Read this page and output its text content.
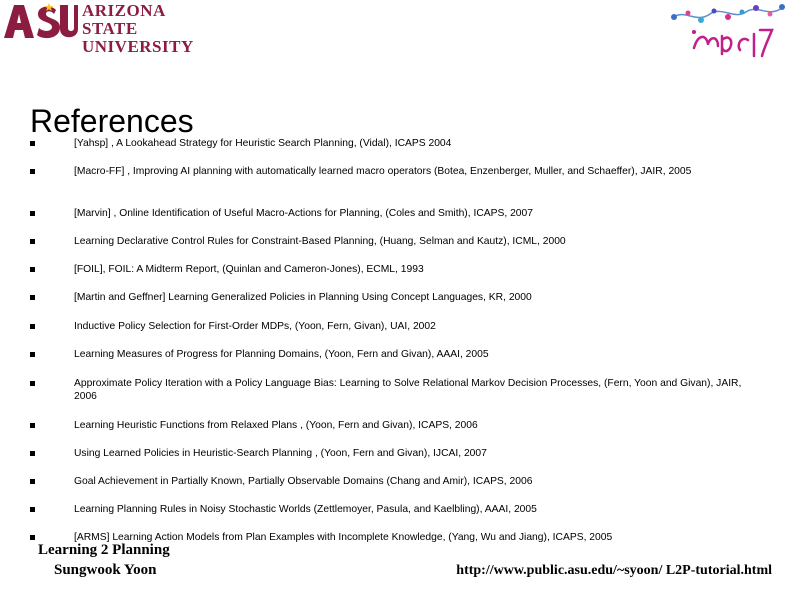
ARIZONA STATE
UNIVERSITY
References
[Yahsp] , A Lookahead Strategy for Heuristic Search Planning, (Vidal), ICAPS 2004
[Macro-FF] , Improving AI planning with automatically learned macro operators (Botea, Enzenberger, Muller, and Schaeffer), JAIR, 2005
[Marvin] , Online Identification of Useful Macro-Actions for Planning, (Coles and Smith), ICAPS, 2007
Learning Declarative Control Rules for Constraint-Based Planning, (Huang, Selman and Kautz), ICML, 2000
[FOIL], FOIL: A Midterm Report, (Quinlan and Cameron-Jones), ECML, 1993
[Martin and Geffner] Learning Generalized Policies in Planning Using Concept Languages, KR, 2000
Inductive Policy Selection for First-Order MDPs, (Yoon, Fern, Givan), UAI, 2002
Learning Measures of Progress for Planning Domains, (Yoon, Fern and Givan), AAAI, 2005
Approximate Policy Iteration with a Policy Language Bias: Learning to Solve Relational Markov Decision Processes, (Fern, Yoon and Givan), JAIR, 2006
Learning Heuristic Functions from Relaxed Plans , (Yoon, Fern and Givan), ICAPS, 2006
Using Learned Policies in Heuristic-Search Planning , (Yoon, Fern and Givan), IJCAI, 2007
Goal Achievement in Partially Known, Partially Observable Domains (Chang and Amir), ICAPS, 2006
Learning Planning Rules in Noisy Stochastic Worlds (Zettlemoyer, Pasula, and Kaelbling), AAAI, 2005
[ARMS] Learning Action Models from Plan Examples with Incomplete Knowledge, (Yang, Wu and Jiang), ICAPS, 2005
Learning 2 Planning
Sungwook Yoon	http://www.public.asu.edu/~syoon/ L2P-tutorial.html
